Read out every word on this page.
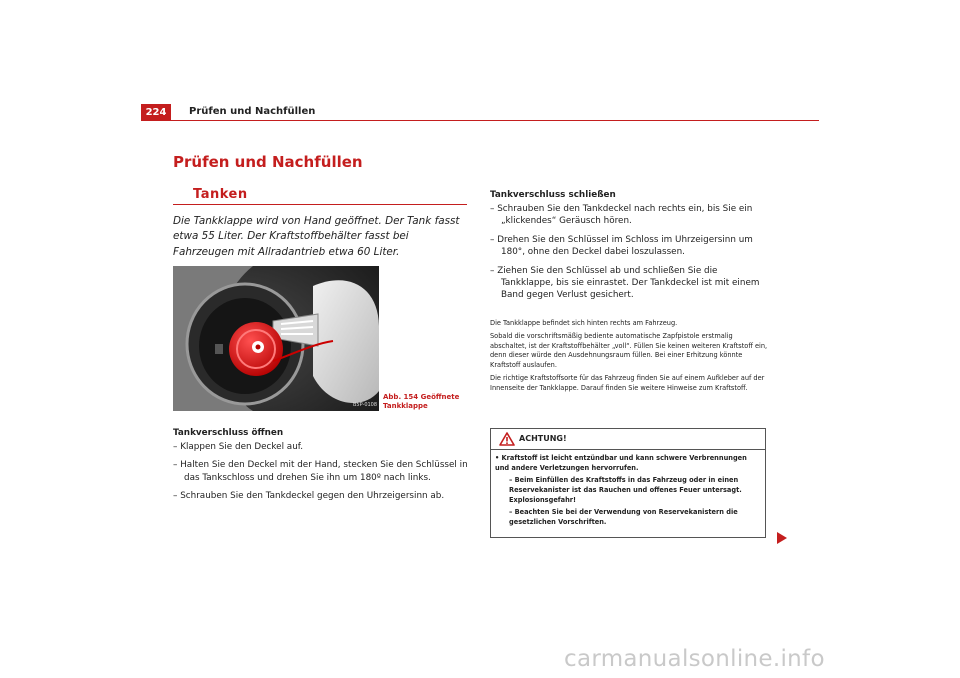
224	Prüfen und Nachfüllen
Prüfen und Nachfüllen
Tanken
Die Tankklappe wird von Hand geöffnet. Der Tank fasst etwa 55 Liter. Der Kraftstoffbehälter fasst bei Fahrzeugen mit Allradantrieb etwa 60 Liter.
B5P-0108
Abb. 154 Geöffnete
Tankklappe
Tankverschluss öffnen
– Klappen Sie den Deckel auf.
– Halten Sie den Deckel mit der Hand, stecken Sie den Schlüssel in das Tankschloss und drehen Sie ihn um 180º nach links.
– Schrauben Sie den Tankdeckel gegen den Uhrzeigersinn ab.
Tankverschluss schließen
– Schrauben Sie den Tankdeckel nach rechts ein, bis Sie ein „klickendes“ Geräusch hören.
– Drehen Sie den Schlüssel im Schloss im Uhrzeigersinn um 180°, ohne den Deckel dabei loszulassen.
– Ziehen Sie den Schlüssel ab und schließen Sie die Tankklappe, bis sie einrastet. Der Tankdeckel ist mit einem Band gegen Verlust gesichert.

Die Tankklappe befindet sich hinten rechts am Fahrzeug.

Sobald die vorschriftsmäßig bediente automatische Zapfpistole erstmalig abschaltet, ist der Kraftstoffbehälter „voll“. Füllen Sie keinen weiteren Kraftstoff ein, denn dieser würde den Ausdehnungsraum füllen. Bei einer Erhitzung könnte Kraftstoff auslaufen.

Die richtige Kraftstoffsorte für das Fahrzeug finden Sie auf einem Aufkleber auf der Innenseite der Tankklappe. Darauf finden Sie weitere Hinweise zum Kraftstoff.

ACHTUNG!

• Kraftstoff ist leicht entzündbar und kann schwere Verbrennungen und andere Verletzungen hervorrufen.

– Beim Einfüllen des Kraftstoffs in das Fahrzeug oder in einen Reservekanister ist das Rauchen und offenes Feuer untersagt. Explosionsgefahr!

– Beachten Sie bei der Verwendung von Reservekanistern die gesetzlichen Vorschriften.

carmanualsonline.info
